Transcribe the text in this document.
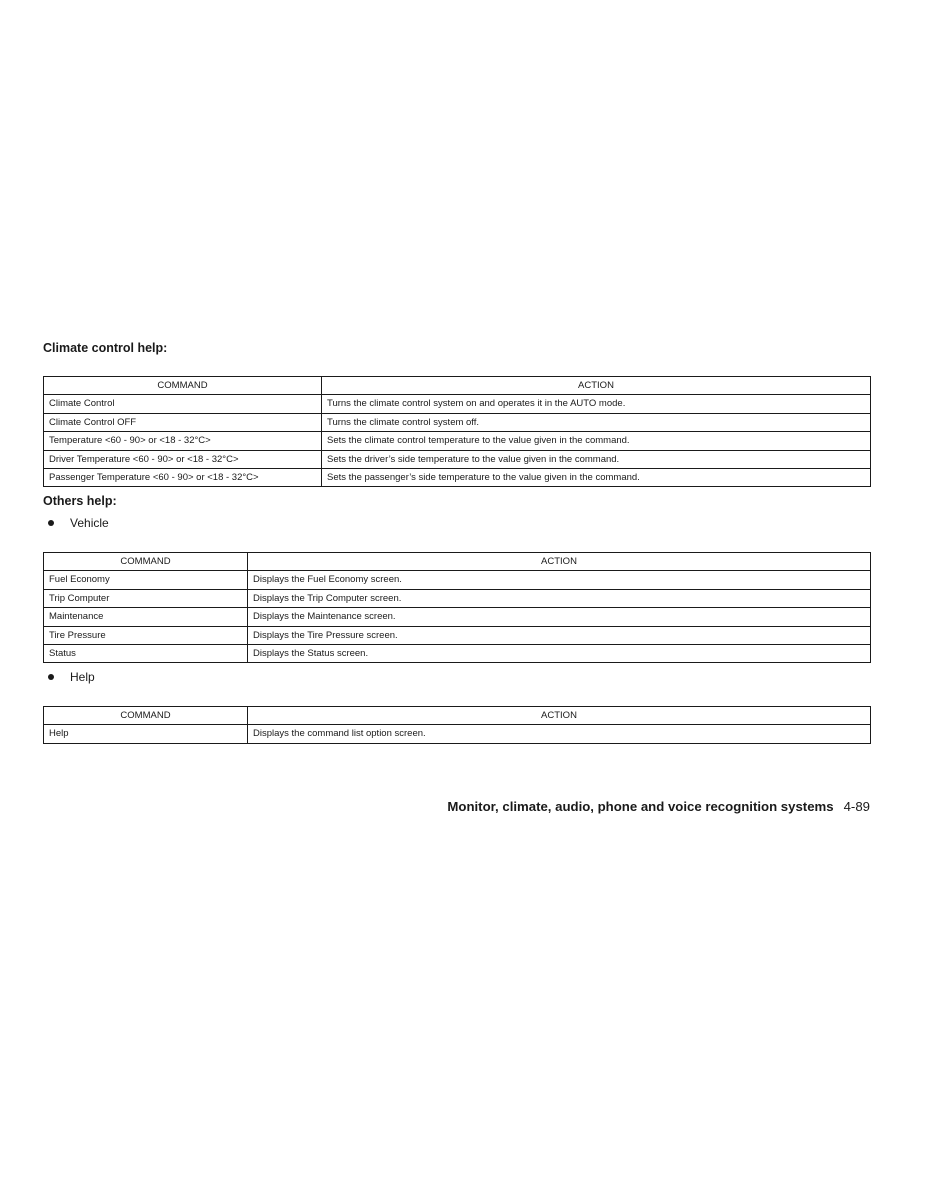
Climate control help:
COMMAND	ACTION
Climate Control	Turns the climate control system on and operates it in the AUTO mode.
Climate Control OFF	Turns the climate control system off.
Temperature <60 - 90> or <18 - 32°C>	Sets the climate control temperature to the value given in the command.
Driver Temperature <60 - 90> or <18 - 32°C>	Sets the driver’s side temperature to the value given in the command.
Passenger Temperature <60 - 90> or <18 - 32°C>	Sets the passenger’s side temperature to the value given in the command.
Others help:
Vehicle
COMMAND	ACTION
Fuel Economy	Displays the Fuel Economy screen.
Trip Computer	Displays the Trip Computer screen.
Maintenance	Displays the Maintenance screen.
Tire Pressure	Displays the Tire Pressure screen.
Status	Displays the Status screen.
Help
COMMAND	ACTION
Help	Displays the command list option screen.
Monitor, climate, audio, phone and voice recognition systems 4-89
